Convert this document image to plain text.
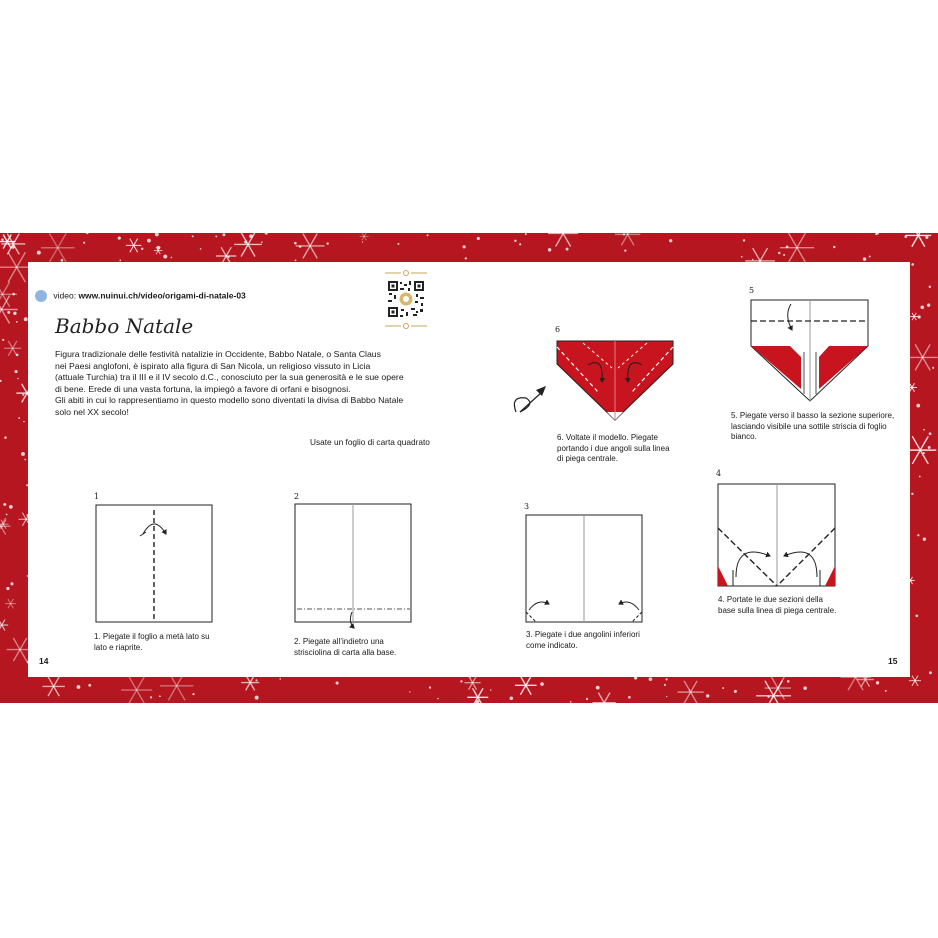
video: www.nuinui.ch/video/origami-di-natale-03
Babbo Natale

Figura tradizionale delle festività natalizie in Occidente, Babbo Natale, o Santa Claus

nei Paesi anglofoni, è ispirato alla figura di San Nicola, un religioso vissuto in Licia

(attuale Turchia) tra il III e il IV secolo d.C., conosciuto per la sua generosità e le sue opere

di bene. Erede di una vasta fortuna, la impiegò a favore di orfani e bisognosi.

Gli abiti in cui lo rappresentiamo in questo modello sono diventati la divisa di Babbo Natale

solo nel XX secolo!

Usate un foglio di carta quadrato
1	2
3
4
5
6
1. Piegate il foglio a metà lato su
lato e riaprite.
2. Piegate all’indietro una
strisciolina di carta alla base.
3. Piegate i due angolini inferiori
come indicato.
4. Portate le due sezioni della
base sulla linea di piega centrale.
5. Piegate verso il basso la sezione superiore,
lasciando visibile una sottile striscia di foglio
bianco.
6. Voltate il modello. Piegate
portando i due angoli sulla linea
di piega centrale.
14	15
